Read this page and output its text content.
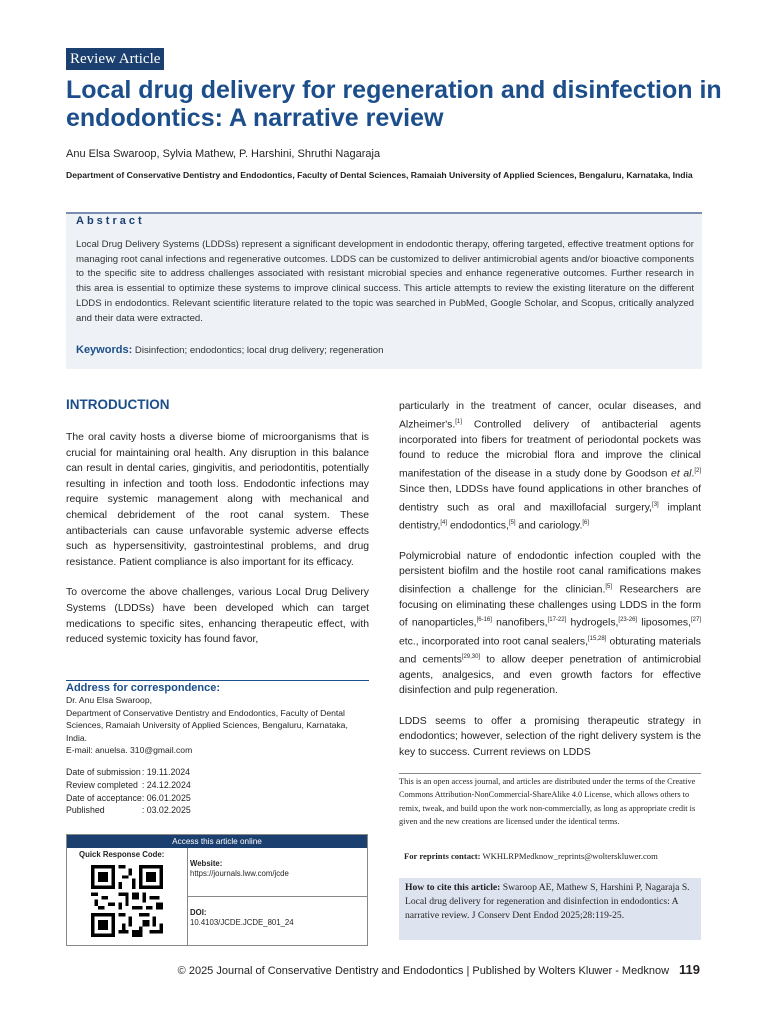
Review Article
Local drug delivery for regeneration and disinfection in endodontics: A narrative review
Anu Elsa Swaroop, Sylvia Mathew, P. Harshini, Shruthi Nagaraja
Department of Conservative Dentistry and Endodontics, Faculty of Dental Sciences, Ramaiah University of Applied Sciences, Bengaluru, Karnataka, India
Abstract
Local Drug Delivery Systems (LDDSs) represent a significant development in endodontic therapy, offering targeted, effective treatment options for managing root canal infections and regenerative outcomes. LDDS can be customized to deliver antimicrobial agents and/or bioactive components to the specific site to address challenges associated with resistant microbial species and enhance regenerative outcomes. Further research in this area is essential to optimize these systems to improve clinical success. This article attempts to review the existing literature on the different LDDS in endodontics. Relevant scientific literature related to the topic was searched in PubMed, Google Scholar, and Scopus, critically analyzed and their data were extracted.
Keywords: Disinfection; endodontics; local drug delivery; regeneration
INTRODUCTION

The oral cavity hosts a diverse biome of microorganisms that is crucial for maintaining oral health. Any disruption in this balance can result in dental caries, gingivitis, and periodontitis, potentially resulting in infection and tooth loss. Endodontic infections may require systemic management along with mechanical and chemical debridement of the root canal system. These antibacterials can cause unfavorable systemic adverse effects such as hypersensitivity, gastrointestinal problems, and drug resistance. Patient compliance is also important for its efficacy.

To overcome the above challenges, various Local Drug Delivery Systems (LDDSs) have been developed which can target medications to specific sites, enhancing therapeutic effect, with reduced systemic toxicity has found favor,

particularly in the treatment of cancer, ocular diseases, and Alzheimer's.[1] Controlled delivery of antibacterial agents incorporated into fibers for treatment of periodontal pockets was found to reduce the microbial flora and improve the clinical manifestation of the disease in a study done by Goodson et al.[2] Since then, LDDSs have found applications in other branches of dentistry such as oral and maxillofacial surgery,[3] implant dentistry,[4] endodontics,[5] and cariology.[6]

Polymicrobial nature of endodontic infection coupled with the persistent biofilm and the hostile root canal ramifications makes disinfection a challenge for the clinician.[5] Researchers are focusing on eliminating these challenges using LDDS in the form of nanoparticles,[6-16] nanofibers,[17-22] hydrogels,[23-26] liposomes,[27] etc., incorporated into root canal sealers,[15,28] obturating materials and cements[29,30] to allow deeper penetration of antimicrobial agents, analgesics, and even growth factors for effective disinfection and pulp regeneration.

LDDS seems to offer a promising therapeutic strategy in endodontics; however, selection of the right delivery system is the key to success. Current reviews on LDDS

Address for correspondence:
Dr. Anu Elsa Swaroop,
Department of Conservative Dentistry and Endodontics, Faculty of Dental Sciences, Ramaiah University of Applied Sciences, Bengaluru, Karnataka, India.
E-mail: anuelsa. 310@gmail.com
Date of submission	: 19.11.2024
Review completed	: 24.12.2024
Date of acceptance	: 06.01.2025
Published	: 03.02.2025
Access this article online
Quick Response Code:
Website:
https://journals.lww.com/jcde
DOI:
10.4103/JCDE.JCDE_801_24
This is an open access journal, and articles are distributed under the terms of the Creative Commons Attribution-NonCommercial-ShareAlike 4.0 License, which allows others to remix, tweak, and build upon the work non-commercially, as long as appropriate credit is given and the new creations are licensed under the identical terms.
For reprints contact: WKHLRPMedknow_reprints@wolterskluwer.com
How to cite this article: Swaroop AE, Mathew S, Harshini P, Nagaraja S. Local drug delivery for regeneration and disinfection in endodontics: A narrative review. J Conserv Dent Endod 2025;28:119-25.
© 2025 Journal of Conservative Dentistry and Endodontics | Published by Wolters Kluwer - Medknow 119
